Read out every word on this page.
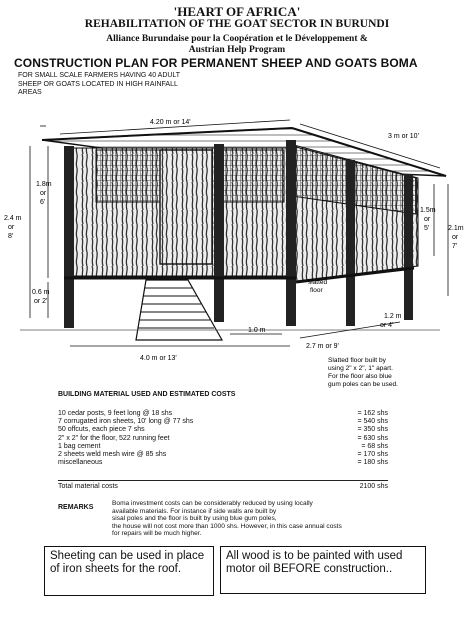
'HEART OF AFRICA'
REHABILITATION OF THE GOAT SECTOR IN BURUNDI
Alliance Burundaise pour la Coopération et le Développement &
Austrian Help Program
CONSTRUCTION PLAN FOR PERMANENT SHEEP AND GOATS BOMA
FOR SMALL SCALE FARMERS HAVING 40 ADULT
SHEEP OR GOATS LOCATED IN HIGH RAINFALL
AREAS
4.20 m or 14'
3 m or 10'
1.8m
or
6'
2.4 m
or
8'
0.6 m
or 2'
1.5m
or
5'	2.1m
or
7'
slatted
floor
4.0 m or 13'
1.0 m
1.2 m
or 4'
2.7 m or 9'
Slatted floor built by
using 2" x 2", 1" apart.
For the floor also blue
gum poles can be used.
BUILDING MATERIAL USED AND ESTIMATED COSTS
10 cedar posts, 9 feet long @ 18 shs	= 162 shs
7 corrugated iron sheets, 10' long @ 77 shs	= 540 shs
50 offcuts, each piece 7 shs	= 350 shs
2" x 2" for the floor, 522 running feet	= 630 shs
1 bag cement	= 68 shs
2 sheets weld mesh wire @ 85 shs	= 170 shs
miscellaneous	= 180 shs
Total material costs	2100 shs
REMARKS
Boma investment costs can be considerably reduced by using locally
available materials. For instance if side walls are built by
sisal poles and the floor is built by using blue gum poles,
the house will not cost more than 1000 shs. However, in this case annual costs
for repairs will be much higher.
Sheeting can be used in place of iron sheets for the roof.
All wood is to be painted with used motor oil BEFORE construction..
